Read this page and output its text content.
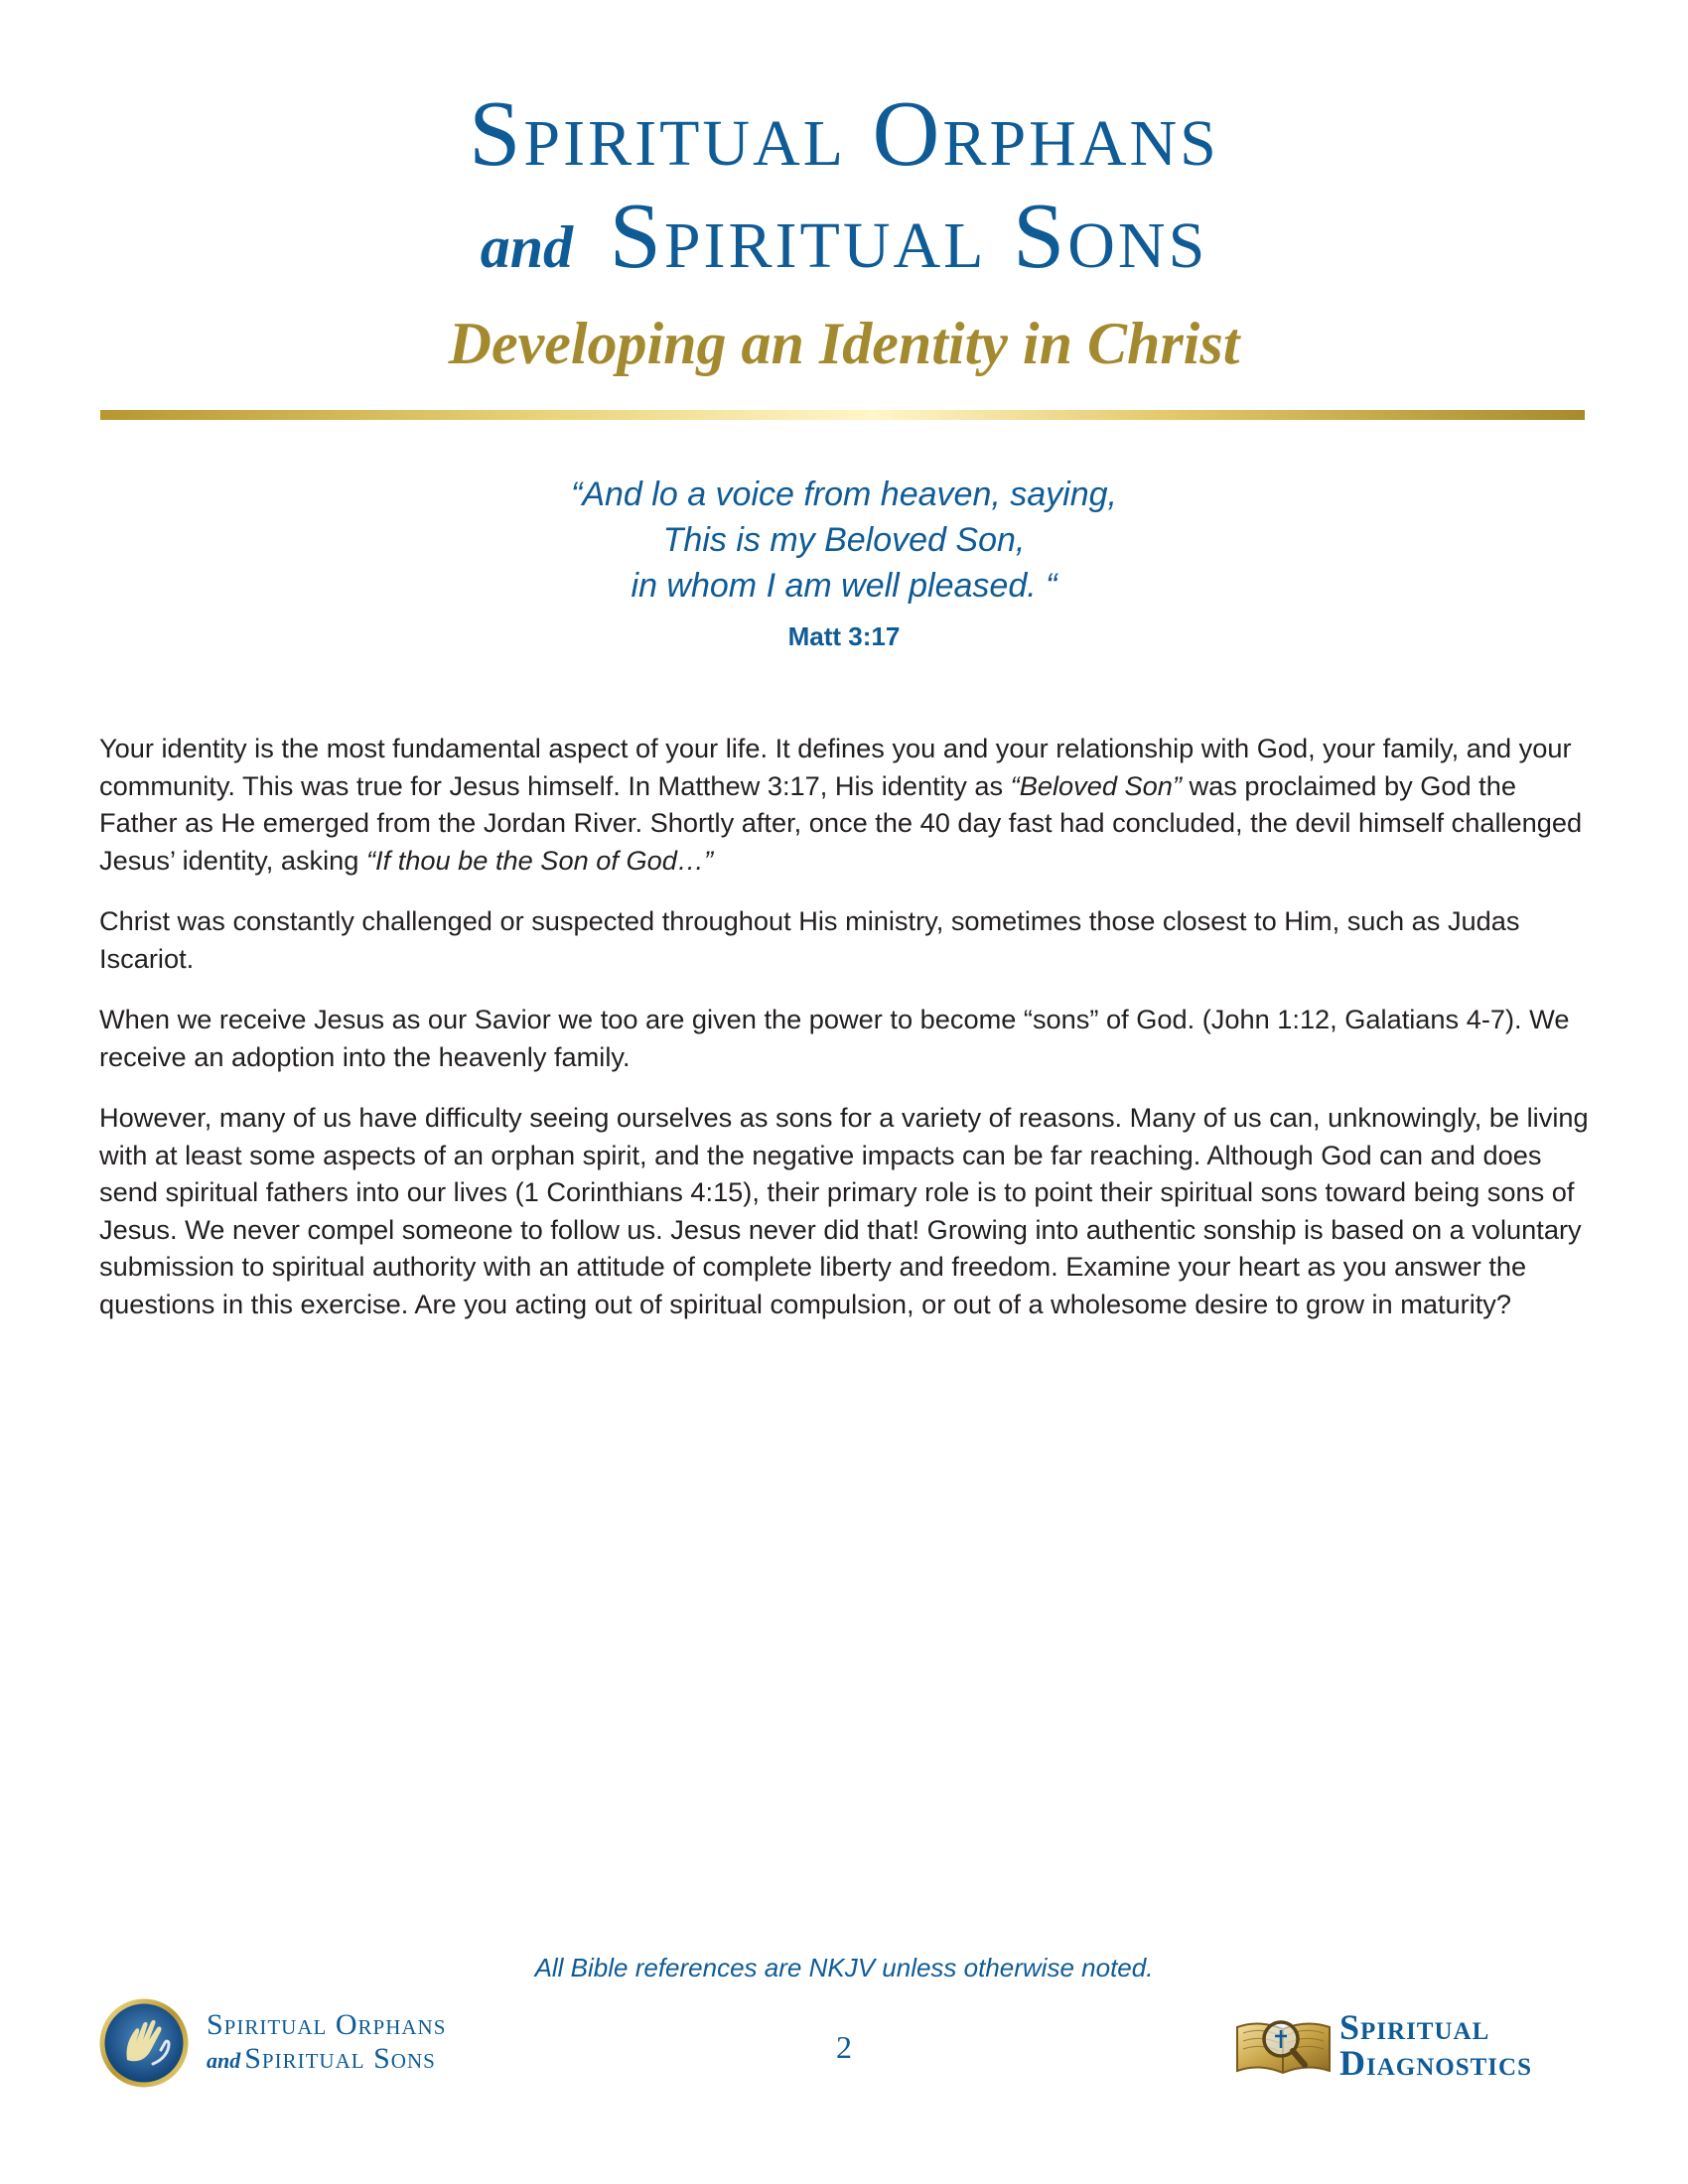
Spiritual Orphans
and Spiritual Sons
Developing an Identity in Christ
“And lo a voice from heaven, saying,
This is my Beloved Son,
in whom I am well pleased. “
Matt 3:17

Your identity is the most fundamental aspect of your life. It defines you and your relationship with God, your family, and your community. This was true for Jesus himself. In Matthew 3:17, His identity as “Beloved Son” was proclaimed by God the Father as He emerged from the Jordan River. Shortly after, once the 40 day fast had concluded, the devil himself challenged Jesus’ identity, asking “If thou be the Son of God…”

Christ was constantly challenged or suspected throughout His ministry, sometimes those closest to Him, such as Judas Iscariot.

When we receive Jesus as our Savior we too are given the power to become “sons” of God. (John 1:12, Galatians 4-7). We receive an adoption into the heavenly family.

However, many of us have difficulty seeing ourselves as sons for a variety of reasons. Many of us can, unknowingly, be living with at least some aspects of an orphan spirit, and the negative impacts can be far reaching. Although God can and does send spiritual fathers into our lives (1 Corinthians 4:15), their primary role is to point their spiritual sons toward being sons of Jesus. We never compel someone to follow us. Jesus never did that! Growing into authentic sonship is based on a voluntary submission to spiritual authority with an attitude of complete liberty and freedom. Examine your heart as you answer the questions in this exercise. Are you acting out of spiritual compulsion, or out of a wholesome desire to grow in maturity?

All Bible references are NKJV unless otherwise noted.
Spiritual Orphans
and Spiritual Sons	2	Spiritual
Diagnostics
